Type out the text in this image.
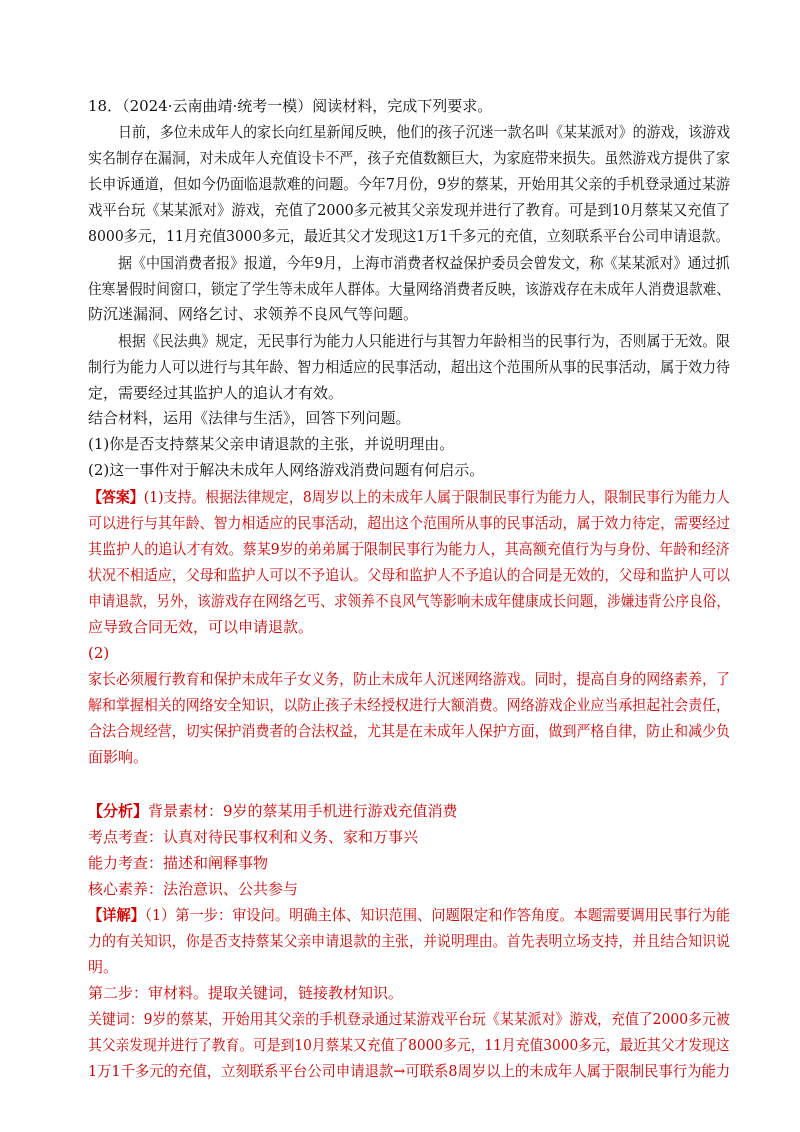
18．（2024·云南曲靖·统考一模）阅读材料，完成下列要求。
日前，多位未成年人的家长向红星新闻反映，他们的孩子沉迷一款名叫《某某派对》的游戏，该游戏
实名制存在漏洞，对未成年人充值设卡不严，孩子充值数额巨大，为家庭带来损失。虽然游戏方提供了家
长申诉通道，但如今仍面临退款难的问题。今年7月份，9岁的蔡某，开始用其父亲的手机登录通过某游
戏平台玩《某某派对》游戏，充值了2000多元被其父亲发现并进行了教育。可是到10月蔡某又充值了
8000多元，11月充值3000多元，最近其父才发现这1万1千多元的充值，立刻联系平台公司申请退款。
据《中国消费者报》报道，今年9月，上海市消费者权益保护委员会曾发文，称《某某派对》通过抓
住寒暑假时间窗口，锁定了学生等未成年人群体。大量网络消费者反映，该游戏存在未成年人消费退款难、
防沉迷漏洞、网络乞讨、求领养不良风气等问题。
根据《民法典》规定，无民事行为能力人只能进行与其智力年龄相当的民事行为，否则属于无效。限
制行为能力人可以进行与其年龄、智力相适应的民事活动，超出这个范围所从事的民事活动，属于效力待
定，需要经过其监护人的追认才有效。
结合材料，运用《法律与生活》，回答下列问题。
(1)你是否支持蔡某父亲申请退款的主张，并说明理由。
(2)这一事件对于解决未成年人网络游戏消费问题有何启示。
【答案】(1)支持。根据法律规定，8周岁以上的未成年人属于限制民事行为能力人，限制民事行为能力人
可以进行与其年龄、智力相适应的民事活动，超出这个范围所从事的民事活动，属于效力待定，需要经过
其监护人的追认才有效。蔡某9岁的弟弟属于限制民事行为能力人，其高额充值行为与身份、年龄和经济
状况不相适应，父母和监护人可以不予追认。父母和监护人不予追认的合同是无效的，父母和监护人可以
申请退款，另外，该游戏存在网络乞丐、求领养不良风气等影响未成年健康成长问题，涉嫌违背公序良俗，
应导致合同无效，可以申请退款。
(2)
家长必须履行教育和保护未成年子女义务，防止未成年人沉迷网络游戏。同时，提高自身的网络素养，了
解和掌握相关的网络安全知识，以防止孩子未经授权进行大额消费。网络游戏企业应当承担起社会责任，
合法合规经营，切实保护消费者的合法权益，尤其是在未成年人保护方面，做到严格自律，防止和减少负
面影响。
【分析】背景素材：9岁的蔡某用手机进行游戏充值消费
考点考查：认真对待民事权利和义务、家和万事兴
能力考查：描述和阐释事物
核心素养：法治意识、公共参与
【详解】（1）第一步：审设问。明确主体、知识范围、问题限定和作答角度。本题需要调用民事行为能
力的有关知识，你是否支持蔡某父亲申请退款的主张，并说明理由。首先表明立场支持，并且结合知识说
明。
第二步：审材料。提取关键词，链接教材知识。
关键词：9岁的蔡某，开始用其父亲的手机登录通过某游戏平台玩《某某派对》游戏，充值了2000多元被
其父亲发现并进行了教育。可是到10月蔡某又充值了8000多元，11月充值3000多元，最近其父才发现这
1万1千多元的充值，立刻联系平台公司申请退款→可联系8周岁以上的未成年人属于限制民事行为能力
